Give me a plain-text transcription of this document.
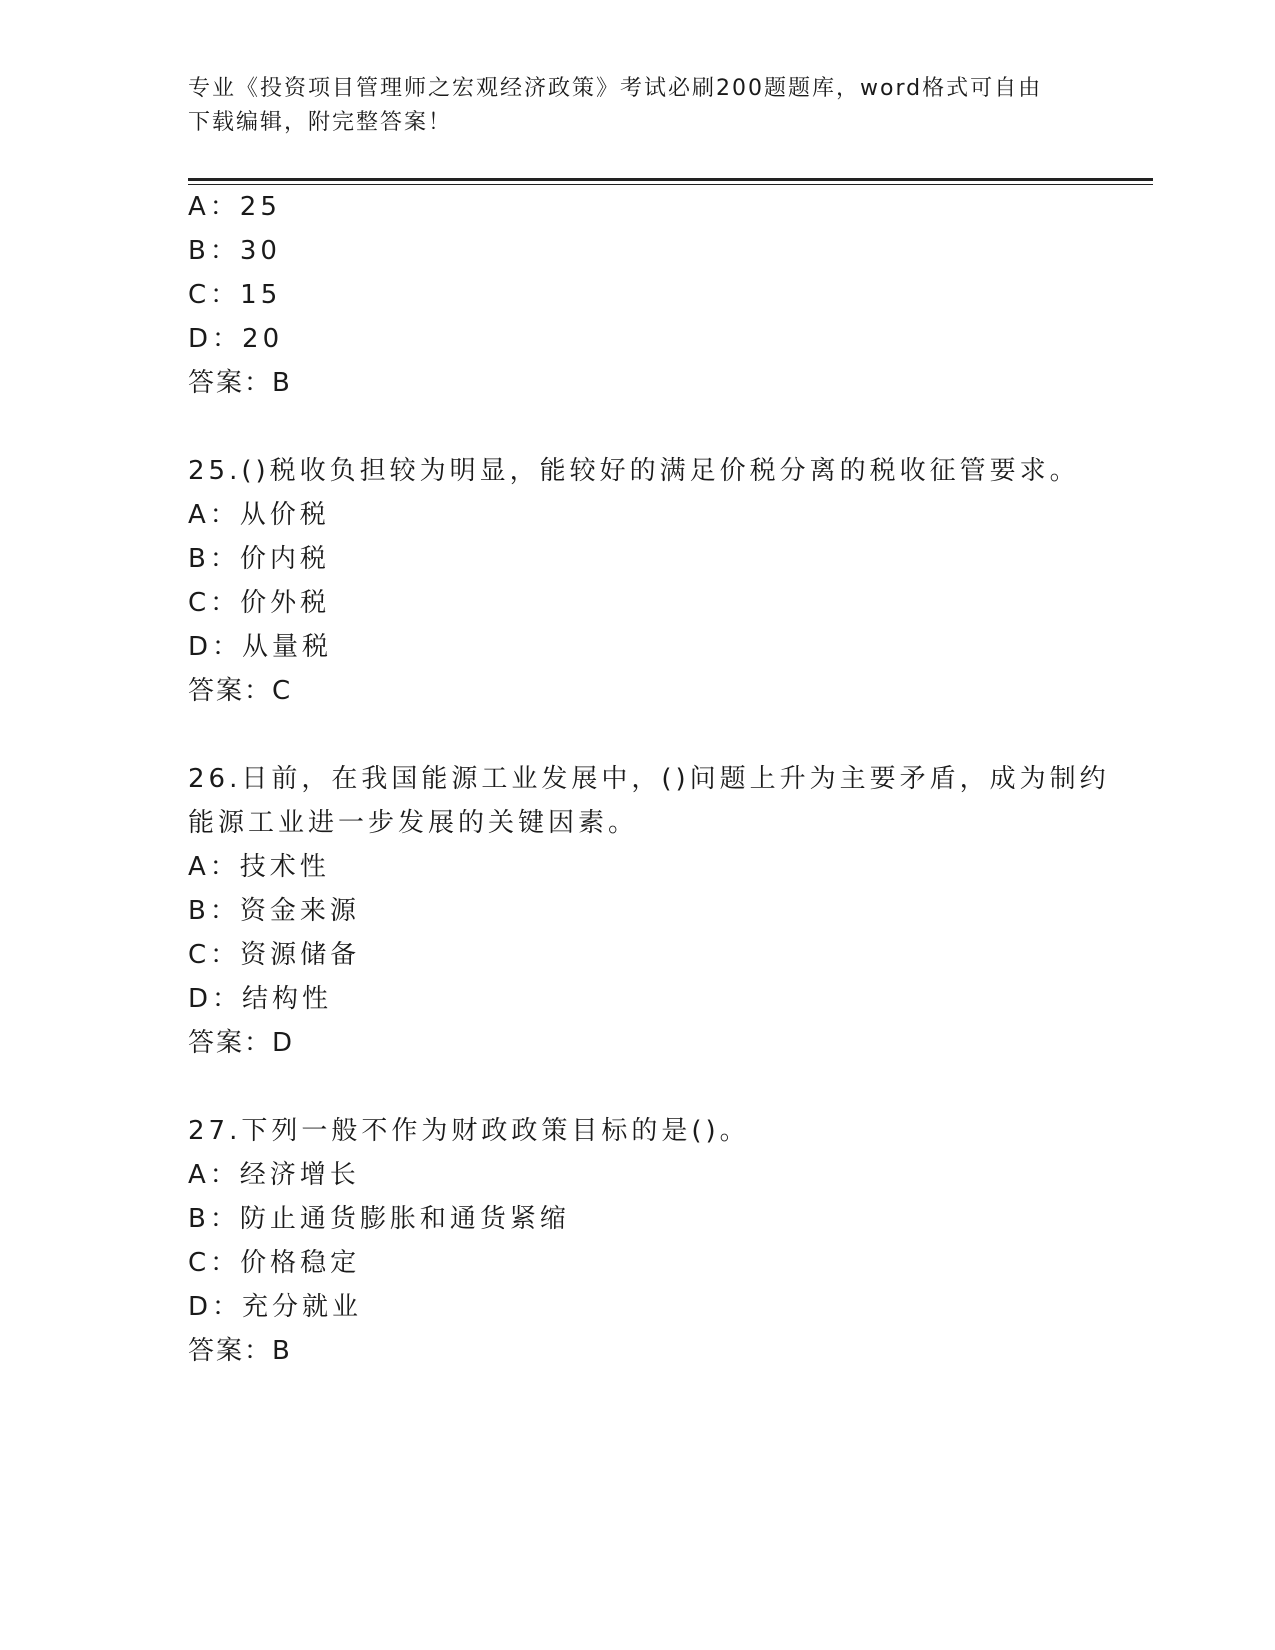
专业《投资项目管理师之宏观经济政策》考试必刷200题题库，word格式可自由
下载编辑，附完整答案！
A：25
B：30
C：15
D：20
答案：B
25.()税收负担较为明显，能较好的满足价税分离的税收征管要求。
A：从价税
B：价内税
C：价外税
D：从量税
答案：C
26.日前，在我国能源工业发展中，()问题上升为主要矛盾，成为制约
能源工业进一步发展的关键因素。
A：技术性
B：资金来源
C：资源储备
D：结构性
答案：D
27.下列一般不作为财政政策目标的是()。
A：经济增长
B：防止通货膨胀和通货紧缩
C：价格稳定
D：充分就业
答案：B
